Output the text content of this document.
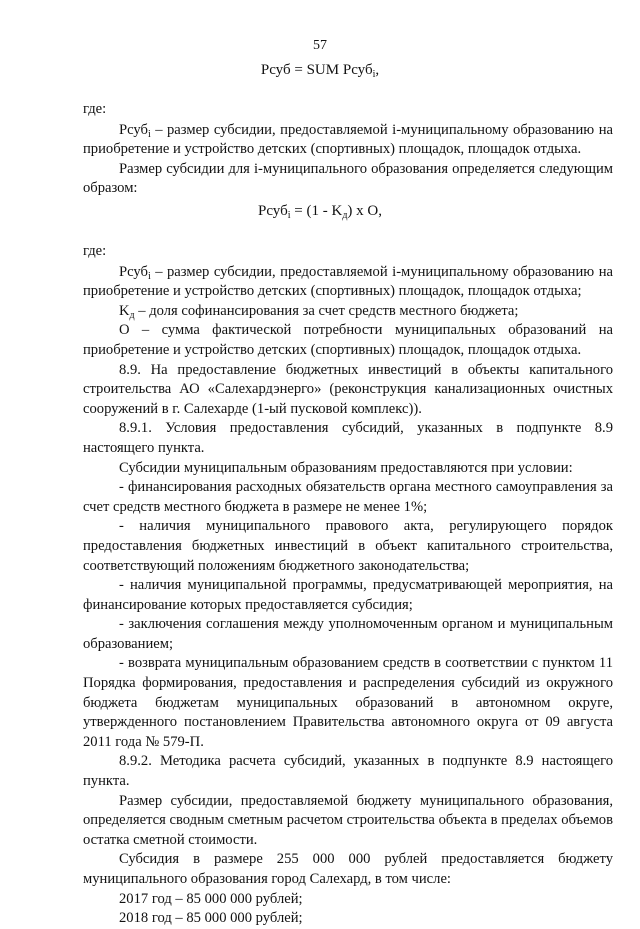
57
Pсуб = SUM Pсуб$_i$,

где:

Pсуб$_i$ – размер субсидии, предоставляемой i-муниципальному образованию на приобретение и устройство детских (спортивных) площадок, площадок отдыха.

Размер субсидии для i-муниципального образования определяется следующим образом:

Pсуб$_i$ = $(1 - K_д)$ x O,

где:

Pсуб$_i$ – размер субсидии, предоставляемой i-муниципальному образованию на приобретение и устройство детских (спортивных) площадок, площадок отдыха;

$K_д$ – доля софинансирования за счет средств местного бюджета;

O – сумма фактической потребности муниципальных образований на приобретение и устройство детских (спортивных) площадок, площадок отдыха.

8.9. На предоставление бюджетных инвестиций в объекты капитального строительства АО «Салехардэнерго» (реконструкция канализационных очистных сооружений в г. Салехарде (1-ый пусковой комплекс)).

8.9.1. Условия предоставления субсидий, указанных в подпункте 8.9 настоящего пункта.

Субсидии муниципальным образованиям предоставляются при условии:

- финансирования расходных обязательств органа местного самоуправления за счет средств местного бюджета в размере не менее 1%;

- наличия муниципального правового акта, регулирующего порядок предоставления бюджетных инвестиций в объект капитального строительства, соответствующий положениям бюджетного законодательства;

- наличия муниципальной программы, предусматривающей мероприятия, на финансирование которых предоставляется субсидия;

- заключения соглашения между уполномоченным органом и муниципальным образованием;

- возврата муниципальным образованием средств в соответствии с пунктом 11 Порядка формирования, предоставления и распределения субсидий из окружного бюджета бюджетам муниципальных образований в автономном округе, утвержденного постановлением Правительства автономного округа от 09 августа 2011 года № 579-П.

8.9.2. Методика расчета субсидий, указанных в подпункте 8.9 настоящего пункта.

Размер субсидии, предоставляемой бюджету муниципального образования, определяется сводным сметным расчетом строительства объекта в пределах объемов остатка сметной стоимости.

Субсидия в размере 255 000 000 рублей предоставляется бюджету муниципального образования город Салехард, в том числе:

2017 год – 85 000 000 рублей;

2018 год – 85 000 000 рублей;
